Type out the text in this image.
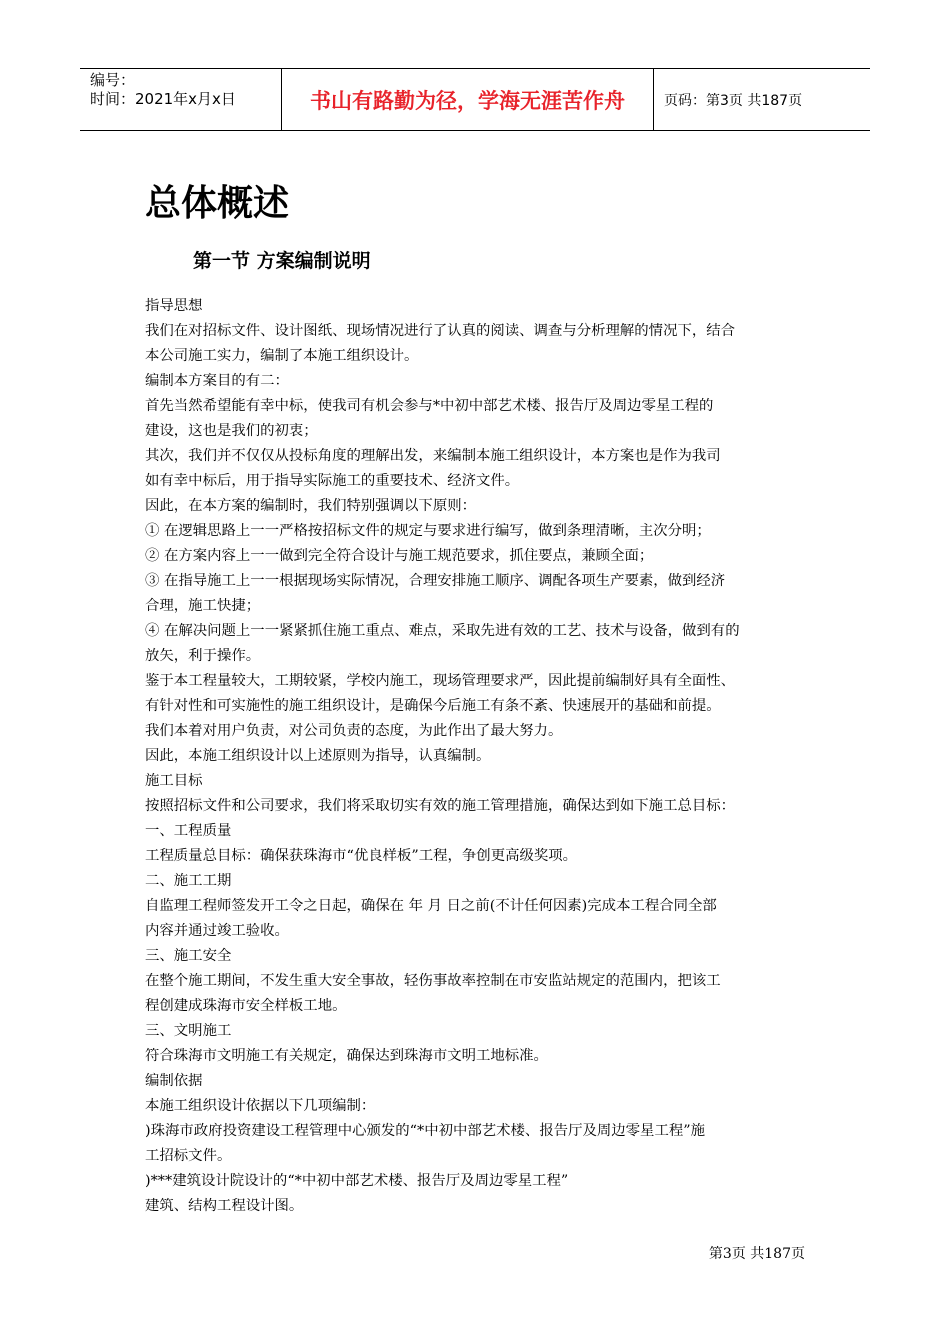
编号：
时间：2021年x月x日	书山有路勤为径，学海无涯苦作舟	页码：第3页 共187页
总体概述
第一节 方案编制说明

指导思想

我们在对招标文件、设计图纸、现场情况进行了认真的阅读、调查与分析理解的情况下，结合

本公司施工实力，编制了本施工组织设计。

编制本方案目的有二：

首先当然希望能有幸中标，使我司有机会参与*中初中部艺术楼、报告厅及周边零星工程的

建设，这也是我们的初衷；

其次，我们并不仅仅从投标角度的理解出发，来编制本施工组织设计，本方案也是作为我司

如有幸中标后，用于指导实际施工的重要技术、经济文件。

因此，在本方案的编制时，我们特别强调以下原则：

① 在逻辑思路上一一严格按招标文件的规定与要求进行编写，做到条理清晰，主次分明；

② 在方案内容上一一做到完全符合设计与施工规范要求，抓住要点，兼顾全面；

③ 在指导施工上一一根据现场实际情况，合理安排施工顺序、调配各项生产要素，做到经济

合理，施工快捷；

④ 在解决问题上一一紧紧抓住施工重点、难点，采取先进有效的工艺、技术与设备，做到有的

放矢，利于操作。

鉴于本工程量较大，工期较紧，学校内施工，现场管理要求严，因此提前编制好具有全面性、

有针对性和可实施性的施工组织设计，是确保今后施工有条不紊、快速展开的基础和前提。

我们本着对用户负责，对公司负责的态度，为此作出了最大努力。

因此，本施工组织设计以上述原则为指导，认真编制。

施工目标

按照招标文件和公司要求，我们将采取切实有效的施工管理措施，确保达到如下施工总目标：

一、工程质量

工程质量总目标：确保获珠海市“优良样板”工程，争创更高级奖项。

二、施工工期

自监理工程师签发开工令之日起，确保在 年 月 日之前(不计任何因素)完成本工程合同全部

内容并通过竣工验收。

三、施工安全

在整个施工期间，不发生重大安全事故，轻伤事故率控制在市安监站规定的范围内，把该工

程创建成珠海市安全样板工地。

三、文明施工

符合珠海市文明施工有关规定，确保达到珠海市文明工地标准。

编制依据

本施工组织设计依据以下几项编制：

)珠海市政府投资建设工程管理中心颁发的“*中初中部艺术楼、报告厅及周边零星工程”施

工招标文件。

)***建筑设计院设计的“*中初中部艺术楼、报告厅及周边零星工程”

建筑、结构工程设计图。

第3页 共187页
